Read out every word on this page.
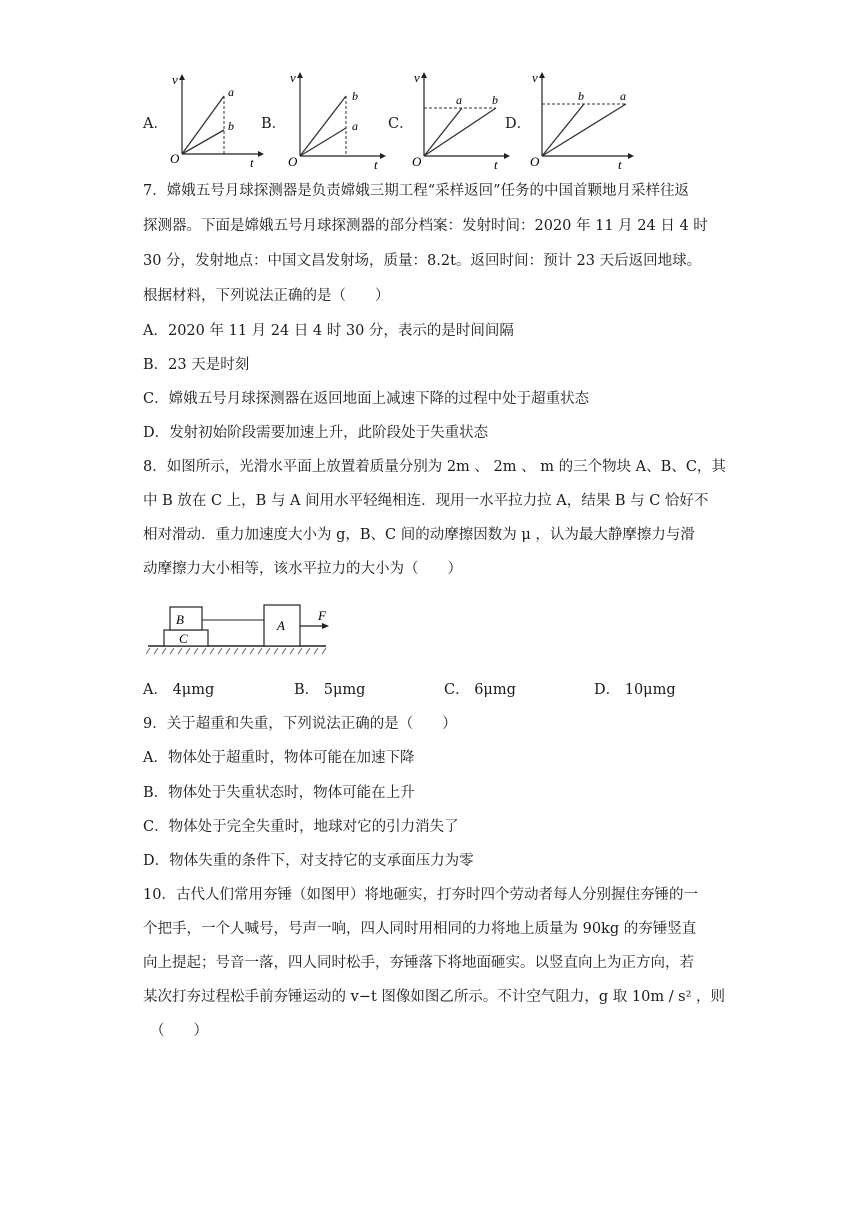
A．
v
t
O
a
b B．
v
t
O
b
a C．
v
t
O
a	b
D．
v
t
O
b	a
7．嫦娥五号月球探测器是负责嫦娥三期工程“采样返回”任务的中国首颗地月采样往返
探测器。下面是嫦娥五号月球探测器的部分档案：发射时间：2020 年 11 月 24 日 4 时
30 分，发射地点：中国文昌发射场，质量：8.2t。返回时间：预计 23 天后返回地球。
根据材料，下列说法正确的是（　　）
A．2020 年 11 月 24 日 4 时 30 分，表示的是时间间隔
B．23 天是时刻
C．嫦娥五号月球探测器在返回地面上减速下降的过程中处于超重状态
D．发射初始阶段需要加速上升，此阶段处于失重状态
8．如图所示，光滑水平面上放置着质量分别为 2m 、 2m 、 m 的三个物块 A、B、C，其
中 B 放在 C 上，B 与 A 间用水平轻绳相连．现用一水平拉力拉 A，结果 B 与 C 恰好不
相对滑动．重力加速度大小为 g，B、C 间的动摩擦因数为 μ ，认为最大静摩擦力与滑
动摩擦力大小相等，该水平拉力的大小为（　　）
B
C
A
F
A． 4μmg	B． 5μmg	C． 6μmg	D． 10μmg
9．关于超重和失重，下列说法正确的是（　　）
A．物体处于超重时，物体可能在加速下降
B．物体处于失重状态时，物体可能在上升
C．物体处于完全失重时，地球对它的引力消失了
D．物体失重的条件下，对支持它的支承面压力为零
10．古代人们常用夯锤（如图甲）将地砸实，打夯时四个劳动者每人分别握住夯锤的一
个把手，一个人喊号，号声一响，四人同时用相同的力将地上质量为 90kg 的夯锤竖直
向上提起；号音一落，四人同时松手，夯锤落下将地面砸实。以竖直向上为正方向，若
某次打夯过程松手前夯锤运动的 v−t 图像如图乙所示。不计空气阻力，g 取 10m / s² ，则
（　　）
